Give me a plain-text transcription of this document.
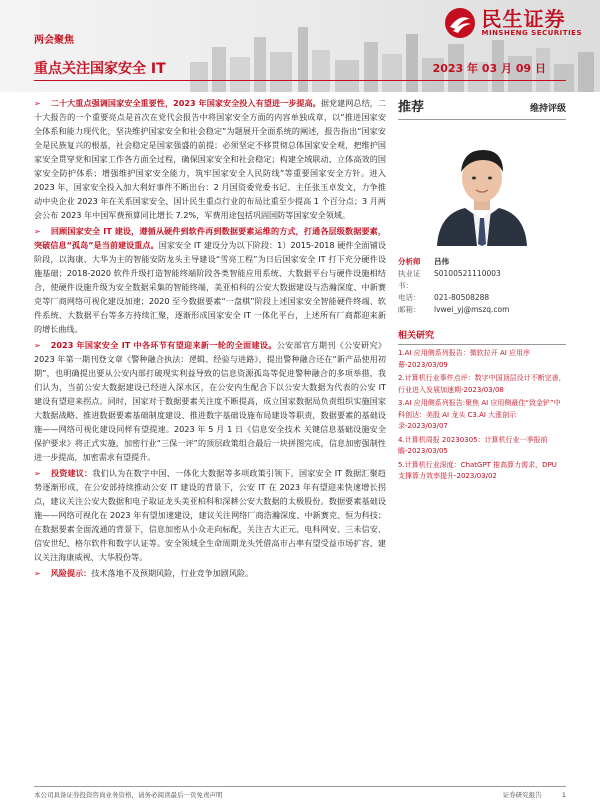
民生证券
MINSHENG SECURITIES
两会聚焦
重点关注国家安全 IT	2023 年 03 月 09 日

➢ 二十大重点强调国家安全重要性，2023 年国家安全投入有望进一步提高。据党建网总结，二十大报告的一个重要亮点是首次在党代会报告中将国家安全方面的内容单独成章，以“推进国家安全体系和能力现代化，坚决维护国家安全和社会稳定”为题展开全面系统的阐述，报告指出“国家安全是民族复兴的根基，社会稳定是国家强盛的前提；必须坚定不移贯彻总体国家安全观，把维护国家安全贯穿党和国家工作各方面全过程，确保国家安全和社会稳定；构建全域联动、立体高效的国家安全防护体系；增强维护国家安全能力，筑牢国家安全人民防线”等重要国家安全方针。进入 2023 年，国家安全投入加大利好事件不断出台：2 月国资委党委书记、主任张玉卓发文，力争推动中央企业 2023 年在关系国家安全、国计民生重点行业的布局比重至少提高 1 个百分点；3 月两会公布 2023 年中国军费预算同比增长 7.2%，军费用途包括巩固国防等国家安全领域。

➢ 回顾国家安全 IT 建设，遵循从硬件到软件再到数据要素运维的方式，打通各层级数据要素，突破信息“孤岛”是当前建设重点。国家安全 IT 建设分为以下阶段：1）2015-2018 硬件全面铺设阶段，以海康、大华为主的智能安防龙头主导建设“雪亮工程”为日后国家安全 IT 打下充分硬件设施基础；2018-2020 软件升级打造智能终端阶段各类智能应用系统、大数据平台与硬件设施相结合，使硬件设施升级为安全数据采集的智能终端，美亚柏科的公安大数据建设与浩瀚深度、中新赛克等厂商网络可视化建设加速；2020 至今数据要素“一盘棋”阶段上述国家安全智能硬件终端、软件系统、大数据平台等多方持续汇聚，逐渐形成国家安全 IT 一体化平台，上述所有厂商都迎来新的增长曲线。

➢ 2023 年国家安全 IT 中各环节有望迎来新一轮的全面建设。公安部官方期刊《公安研究》2023 年第一期刊登文章《警种融合执法：逻辑、经验与进路》，提出警种融合还在“新产品使用初期”，也明确提出要从公安内部打破现实利益导致的信息资源孤岛等促进警种融合的多项举措，我们认为，当前公安大数据建设已经进入深水区，在公安内生配合下以公安大数据为代表的公安 IT 建设有望迎来拐点。同时，国家对于数据要素关注度不断提高，成立国家数据局负责组织实施国家大数据战略、推进数据要素基础制度建设、推进数字基础设施布局建设等职责，数据要素的基础设施——网络可视化建设同样有望提速。2023 年 5 月 1 日《信息安全技术 关键信息基础设施安全保护要求》将正式实施，加密行业“三保一评”的顶层政策组合最后一块拼图完成，信息加密强制性进一步提高，加密需求有望提升。

➢ 投资建议：我们认为在数字中国、一体化大数据等多项政策引领下，国家安全 IT 数据汇聚趋势逐渐形成，在公安部持续推动公安 IT 建设的背景下，公安 IT 在 2023 年有望迎来快速增长拐点，建议关注公安大数据和电子取证龙头美亚柏科和深耕公安大数据的太极股份。数据要素基础设施——网络可视化在 2023 年有望加速建设，建议关注网络厂商浩瀚深度、中新赛克、恒为科技；在数据要素全面流通的背景下，信息加密从小众走向标配，关注吉大正元、电科网安、三未信安、信安世纪、格尔软件和数字认证等。安全领域全生命周期龙头凭借高市占率有望受益市场扩容，建议关注海康威视、大华股份等。

➢ 风险提示：技术落地不及预期风险，行业竞争加剧风险。

推荐	维持评级
分析师	吕伟
执业证书：
S0100521110003
电话：	021-80508288
邮箱：	lvwei_yj@mszq.com
相关研究
1.AI 应用侧系列报告：微软拉开 AI 应用序幕-2023/03/09
2.计算机行业事件点评：数字中国顶层设计不断完善，行业进入发展加速期-2023/03/08
3.AI 应用侧系列报告:聚焦 AI 应用侧最佳“致金铲”中科创达：美股 AI 龙头 C3.AI 大涨剖示录-2023/03/07
4.计算机周报 20230305：计算机行业一季报前瞻-2023/03/05
5.计算机行业深度：ChatGPT 推高算力需求，DPU 支撑算力效率提升-2023/03/02
本公司具备证券投资咨询业务资格，请务必阅读最后一页免责声明	证券研究报告	1
